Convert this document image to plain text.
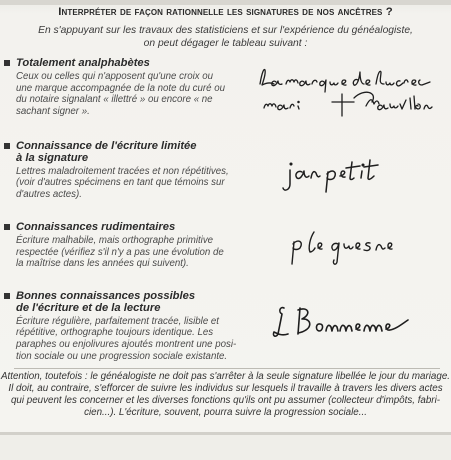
Interpréter de façon rationnelle les signatures de nos ancêtres ?
En s'appuyant sur les travaux des statisticiens et sur l'expérience du généalogiste,
on peut dégager le tableau suivant :
Totalement analphabètes
Ceux ou celles qui n'apposent qu'une croix ou
une marque accompagnée de la note du curé ou
du notaire signalant « illettré » ou encore « ne
sachant signer ».
Connaissance de l'écriture limitée
à la signature
Lettres maladroitement tracées et non répétitives,
(voir d'autres spécimens en tant que témoins sur
d'autres actes).
Connaissances rudimentaires
Écriture malhabile, mais orthographe primitive
respectée (vérifiez s'il n'y a pas une évolution de
la maîtrise dans les années qui suivent).
Bonnes connaissances possibles
de l'écriture et de la lecture
Écriture régulière, parfaitement tracée, lisible et
répétitive, orthographe toujours identique. Les
paraphes ou enjolivures ajoutés montrent une posi-
tion sociale ou une progression sociale existante.
Attention, toutefois : le généalogiste ne doit pas s'arrêter à la seule signature libellée le jour du mariage.
Il doit, au contraire, s'efforcer de suivre les individus sur lesquels il travaille à travers les divers actes
qui peuvent les concerner et les diverses fonctions qu'ils ont pu assumer (collecteur d'impôts, fabri-
cien...). L'écriture, souvent, pourra suivre la progression sociale...
